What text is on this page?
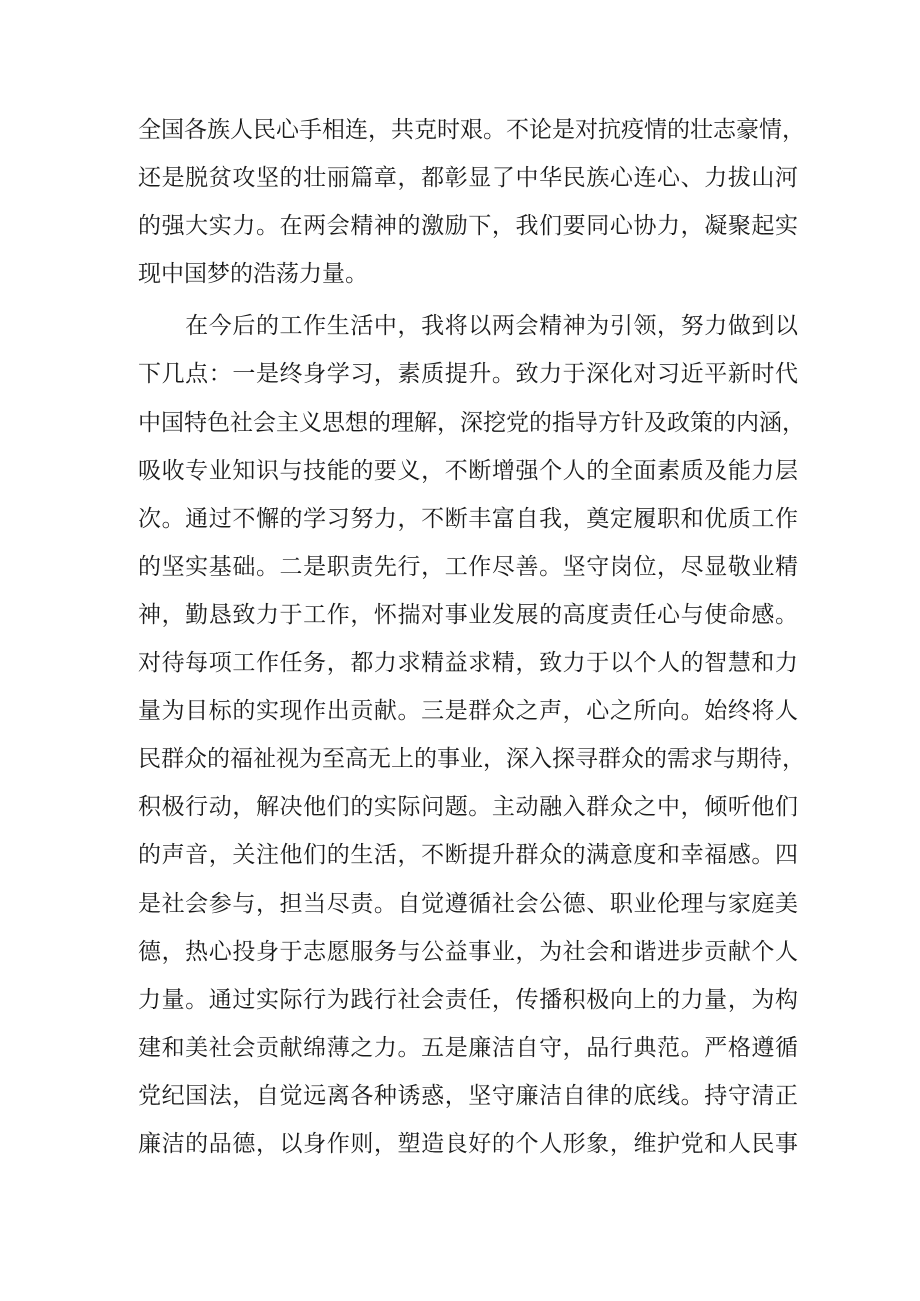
全国各族人民心手相连，共克时艰。不论是对抗疫情的壮志豪情，
还是脱贫攻坚的壮丽篇章，都彰显了中华民族心连心、力拔山河
的强大实力。在两会精神的激励下，我们要同心协力，凝聚起实
现中国梦的浩荡力量。
　　在今后的工作生活中，我将以两会精神为引领，努力做到以
下几点：一是终身学习，素质提升。致力于深化对习近平新时代
中国特色社会主义思想的理解，深挖党的指导方针及政策的内涵，
吸收专业知识与技能的要义，不断增强个人的全面素质及能力层
次。通过不懈的学习努力，不断丰富自我，奠定履职和优质工作
的坚实基础。二是职责先行，工作尽善。坚守岗位，尽显敬业精
神，勤恳致力于工作，怀揣对事业发展的高度责任心与使命感。
对待每项工作任务，都力求精益求精，致力于以个人的智慧和力
量为目标的实现作出贡献。三是群众之声，心之所向。始终将人
民群众的福祉视为至高无上的事业，深入探寻群众的需求与期待，
积极行动，解决他们的实际问题。主动融入群众之中，倾听他们
的声音，关注他们的生活，不断提升群众的满意度和幸福感。四
是社会参与，担当尽责。自觉遵循社会公德、职业伦理与家庭美
德，热心投身于志愿服务与公益事业，为社会和谐进步贡献个人
力量。通过实际行为践行社会责任，传播积极向上的力量，为构
建和美社会贡献绵薄之力。五是廉洁自守，品行典范。严格遵循
党纪国法，自觉远离各种诱惑，坚守廉洁自律的底线。持守清正
廉洁的品德，以身作则，塑造良好的个人形象，维护党和人民事
